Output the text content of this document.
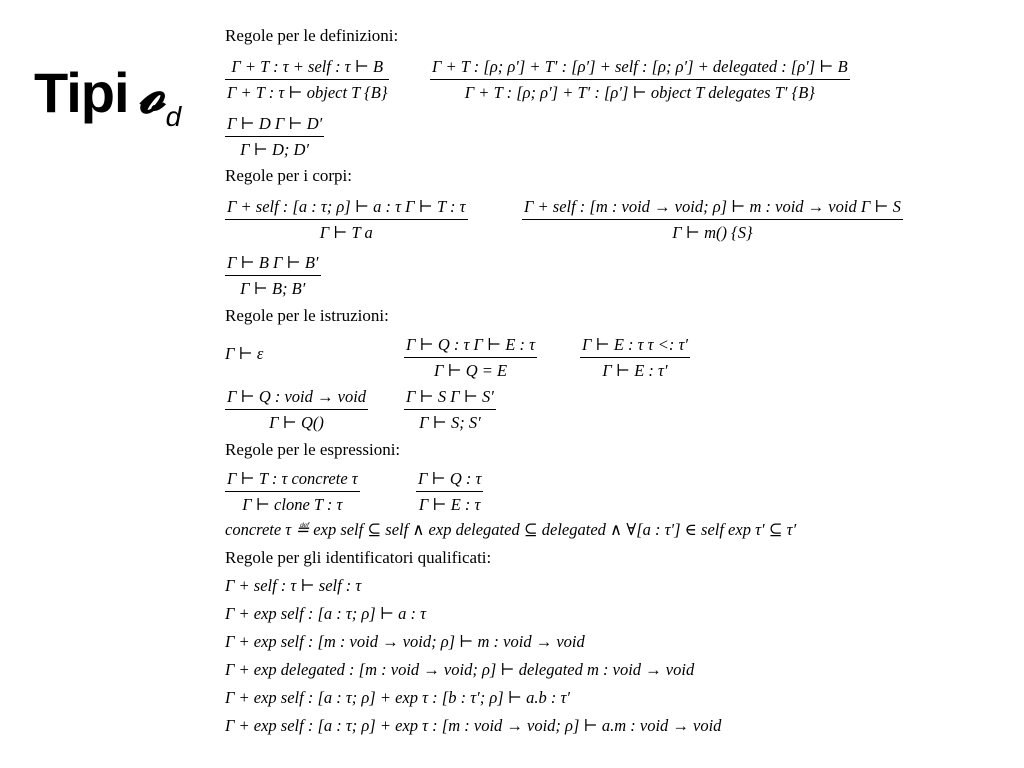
Tipi 𝓸$_d$
Regole per le definizioni:
Γ + T : τ + self : τ ⊢ B
Γ + T : τ ⊢ object T {B}
Γ + T : [ρ; ρ′] + T′ : [ρ′] + self : [ρ; ρ′] + delegated : [ρ′] ⊢ B
Γ + T : [ρ; ρ′] + T′ : [ρ′] ⊢ object T delegates T′ {B}
Γ ⊢ D Γ ⊢ D′
Γ ⊢ D; D′
Regole per i corpi:
Γ + self : [a : τ; ρ] ⊢ a : τ Γ ⊢ T : τ
Γ ⊢ T a
Γ + self : [m : void → void; ρ] ⊢ m : void → void Γ ⊢ S
Γ ⊢ m() {S}
Γ ⊢ B Γ ⊢ B′
Γ ⊢ B; B′
Regole per le istruzioni:
Γ ⊢ ε	Γ ⊢ Q : τ Γ ⊢ E : τ
Γ ⊢ Q = E
Γ ⊢ E : τ τ <: τ′
Γ ⊢ E : τ′
Γ ⊢ Q : void → void
Γ ⊢ Q()
Γ ⊢ S Γ ⊢ S′
Γ ⊢ S; S′
Regole per le espressioni:
Γ ⊢ T : τ concrete τ
Γ ⊢ clone T : τ
Γ ⊢ Q : τ
Γ ⊢ E : τ
concrete τ ≝ exp self ⊆ self ∧ exp delegated ⊆ delegated ∧ ∀[a : τ′] ∈ self exp τ′ ⊆ τ′
Regole per gli identificatori qualificati:
Γ + self : τ ⊢ self : τ
Γ + exp self : [a : τ; ρ] ⊢ a : τ
Γ + exp self : [m : void → void; ρ] ⊢ m : void → void
Γ + exp delegated : [m : void → void; ρ] ⊢ delegated m : void → void
Γ + exp self : [a : τ; ρ] + exp τ : [b : τ′; ρ] ⊢ a.b : τ′
Γ + exp self : [a : τ; ρ] + exp τ : [m : void → void; ρ] ⊢ a.m : void → void
